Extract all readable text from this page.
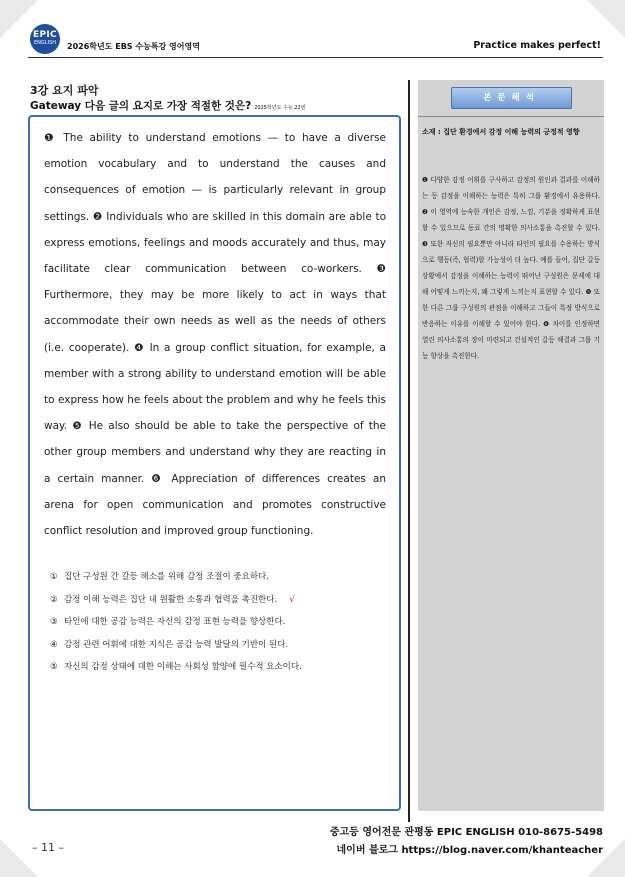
EPIC
ENGLISH	2026학년도 EBS 수능특강 영어영역	Practice makes perfect!
3강 요지 파악
Gateway 다음 글의 요지로 가장 적절한 것은? 2025학년도 수능 22번
❶ The ability to understand emotions — to have a diverse emotion vocabulary and to understand the causes and consequences of emotion — is particularly relevant in group settings. ❷ Individuals who are skilled in this domain are able to express emotions, feelings and moods accurately and thus, may facilitate clear communication between co-workers. ❸ Furthermore, they may be more likely to act in ways that accommodate their own needs as well as the needs of others (i.e. cooperate). ❹ In a group conflict situation, for example, a member with a strong ability to understand emotion will be able to express how he feels about the problem and why he feels this way. ❺ He also should be able to take the perspective of the other group members and understand why they are reacting in a certain manner. ❻ Appreciation of differences creates an arena for open communication and promotes constructive conflict resolution and improved group functioning.
① 집단 구성원 간 갈등 해소를 위해 감정 조절이 중요하다.
② 감정 이해 능력은 집단 내 원활한 소통과 협력을 촉진한다. √
③ 타인에 대한 공감 능력은 자신의 감정 표현 능력을 향상한다.
④ 감정 관련 어휘에 대한 지식은 공감 능력 발달의 기반이 된다.
⑤ 자신의 감정 상태에 대한 이해는 사회성 함양에 필수적 요소이다.
본문해석
소재 : 집단 환경에서 감정 이해 능력의 긍정적 영향
❶ 다양한 감정 어휘를 구사하고 감정의 원인과 결과를 이해하는 등 감정을 이해하는 능력은 특히 그룹 환경에서 유용하다. ❷ 이 영역에 능숙한 개인은 감정, 느낌, 기분을 정확하게 표현할 수 있으므로 동료 간의 명확한 의사소통을 촉진할 수 있다. ❸ 또한 자신의 필요뿐만 아니라 타인의 필요를 수용하는 방식으로 행동(즉, 협력)할 가능성이 더 높다. 예를 들어, 집단 갈등 상황에서 감정을 이해하는 능력이 뛰어난 구성원은 문제에 대해 어떻게 느끼는지, 왜 그렇게 느끼는지 표현할 수 있다. ❺ 또한 다른 그룹 구성원의 관점을 이해하고 그들이 특정 방식으로 반응하는 이유를 이해할 수 있어야 한다. ❻ 차이를 인정하면 열린 의사소통의 장이 마련되고 건설적인 갈등 해결과 그룹 기능 향상을 촉진한다.
중고등 영어전문 관평동 EPIC ENGLISH 010-8675-5498
네이버 블로그 https://blog.naver.com/khanteacher
– 11 –
